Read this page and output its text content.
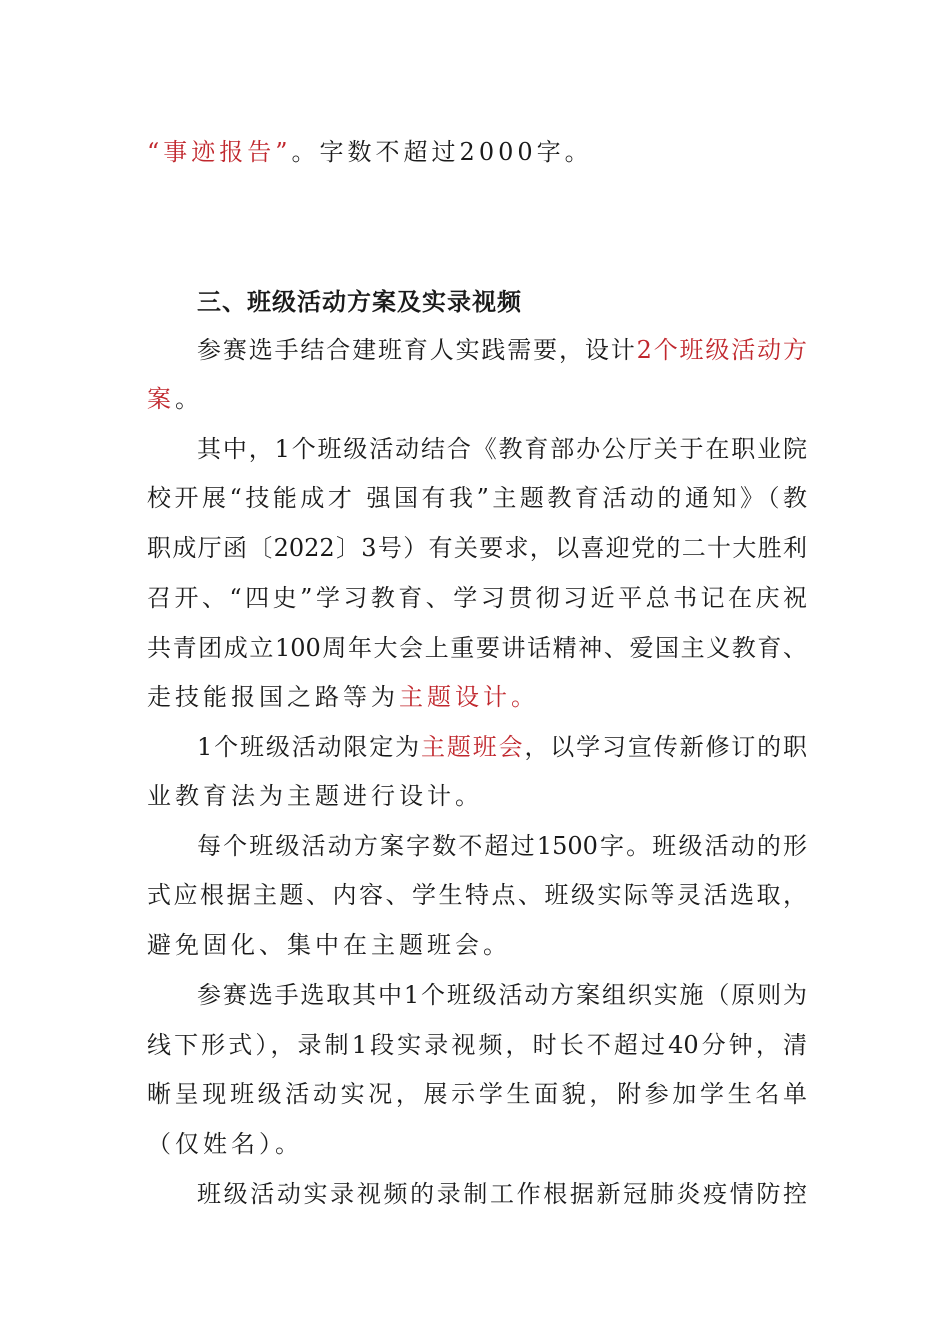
“事迹报告”。字数不超过2000字。
三、班级活动方案及实录视频
参赛选手结合建班育人实践需要，设计2个班级活动方
案。
其中，1个班级活动结合《教育部办公厅关于在职业院
校开展“技能成才 强国有我”主题教育活动的通知》（教
职成厅函〔2022〕3号）有关要求，以喜迎党的二十大胜利
召开、“四史”学习教育、学习贯彻习近平总书记在庆祝
共青团成立100周年大会上重要讲话精神、爱国主义教育、
走技能报国之路等为主题设计。
1个班级活动限定为主题班会，以学习宣传新修订的职
业教育法为主题进行设计。
每个班级活动方案字数不超过1500字。班级活动的形
式应根据主题、内容、学生特点、班级实际等灵活选取，
避免固化、集中在主题班会。
参赛选手选取其中1个班级活动方案组织实施（原则为
线下形式），录制1段实录视频，时长不超过40分钟，清
晰呈现班级活动实况，展示学生面貌，附参加学生名单
（仅姓名）。
班级活动实录视频的录制工作根据新冠肺炎疫情防控
